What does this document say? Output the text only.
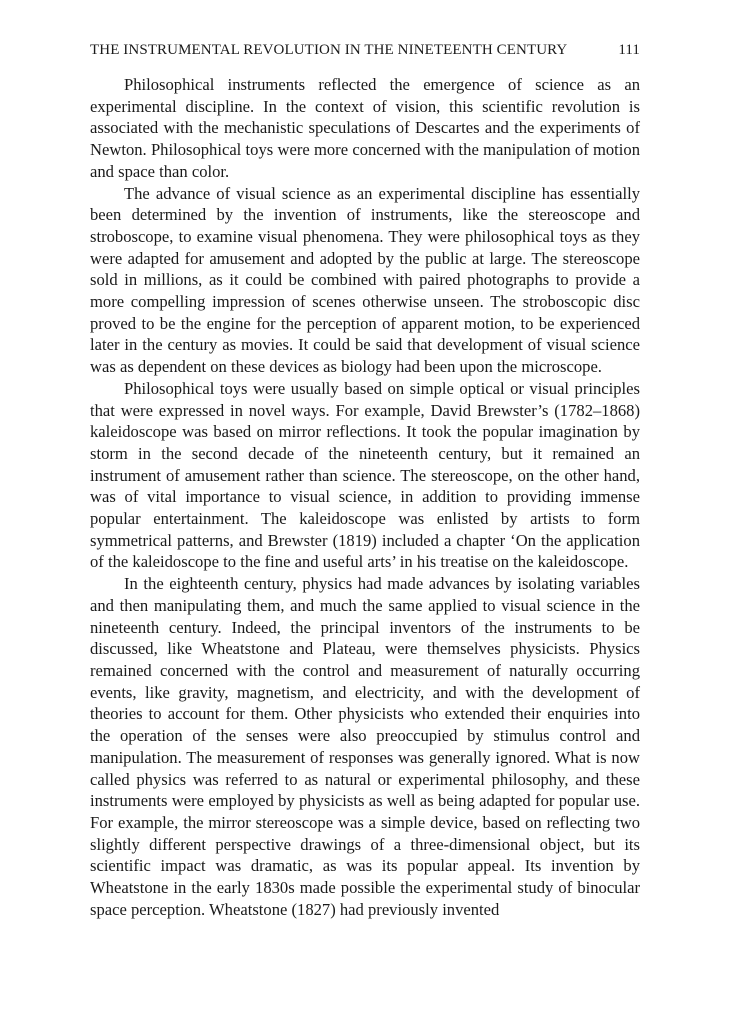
THE INSTRUMENTAL REVOLUTION IN THE NINETEENTH CENTURY	111

Philosophical instruments reflected the emergence of science as an experimental discipline. In the context of vision, this scientific revolution is associated with the mechanistic speculations of Descartes and the experiments of Newton. Philosophical toys were more concerned with the manipulation of motion and space than color.

The advance of visual science as an experimental discipline has essentially been determined by the invention of instruments, like the stereoscope and stroboscope, to examine visual phenomena. They were philosophical toys as they were adapted for amusement and adopted by the public at large. The stereoscope sold in millions, as it could be combined with paired photographs to provide a more compelling impression of scenes otherwise unseen. The stroboscopic disc proved to be the engine for the perception of apparent motion, to be experienced later in the century as movies. It could be said that development of visual science was as dependent on these devices as biology had been upon the microscope.

Philosophical toys were usually based on simple optical or visual principles that were expressed in novel ways. For example, David Brewster’s (1782–1868) kaleidoscope was based on mirror reflections. It took the popular imagination by storm in the second decade of the nineteenth century, but it remained an instrument of amusement rather than science. The stereoscope, on the other hand, was of vital importance to visual science, in addition to providing immense popular entertainment. The kaleidoscope was enlisted by artists to form symmetrical patterns, and Brewster (1819) included a chapter ‘On the application of the kaleidoscope to the fine and useful arts’ in his treatise on the kaleidoscope.

In the eighteenth century, physics had made advances by isolating variables and then manipulating them, and much the same applied to visual science in the nineteenth century. Indeed, the principal inventors of the instruments to be discussed, like Wheatstone and Plateau, were themselves physicists. Physics remained concerned with the control and measurement of naturally occurring events, like gravity, magnetism, and electricity, and with the development of theories to account for them. Other physicists who extended their enquiries into the operation of the senses were also preoccupied by stimulus control and manipulation. The measurement of responses was generally ignored. What is now called physics was referred to as natural or experimental philosophy, and these instruments were employed by physicists as well as being adapted for popular use. For example, the mirror stereoscope was a simple device, based on reflecting two slightly different perspective drawings of a three-dimensional object, but its scientific impact was dramatic, as was its popular appeal. Its invention by Wheatstone in the early 1830s made possible the experimental study of binocular space perception. Wheatstone (1827) had previously invented
